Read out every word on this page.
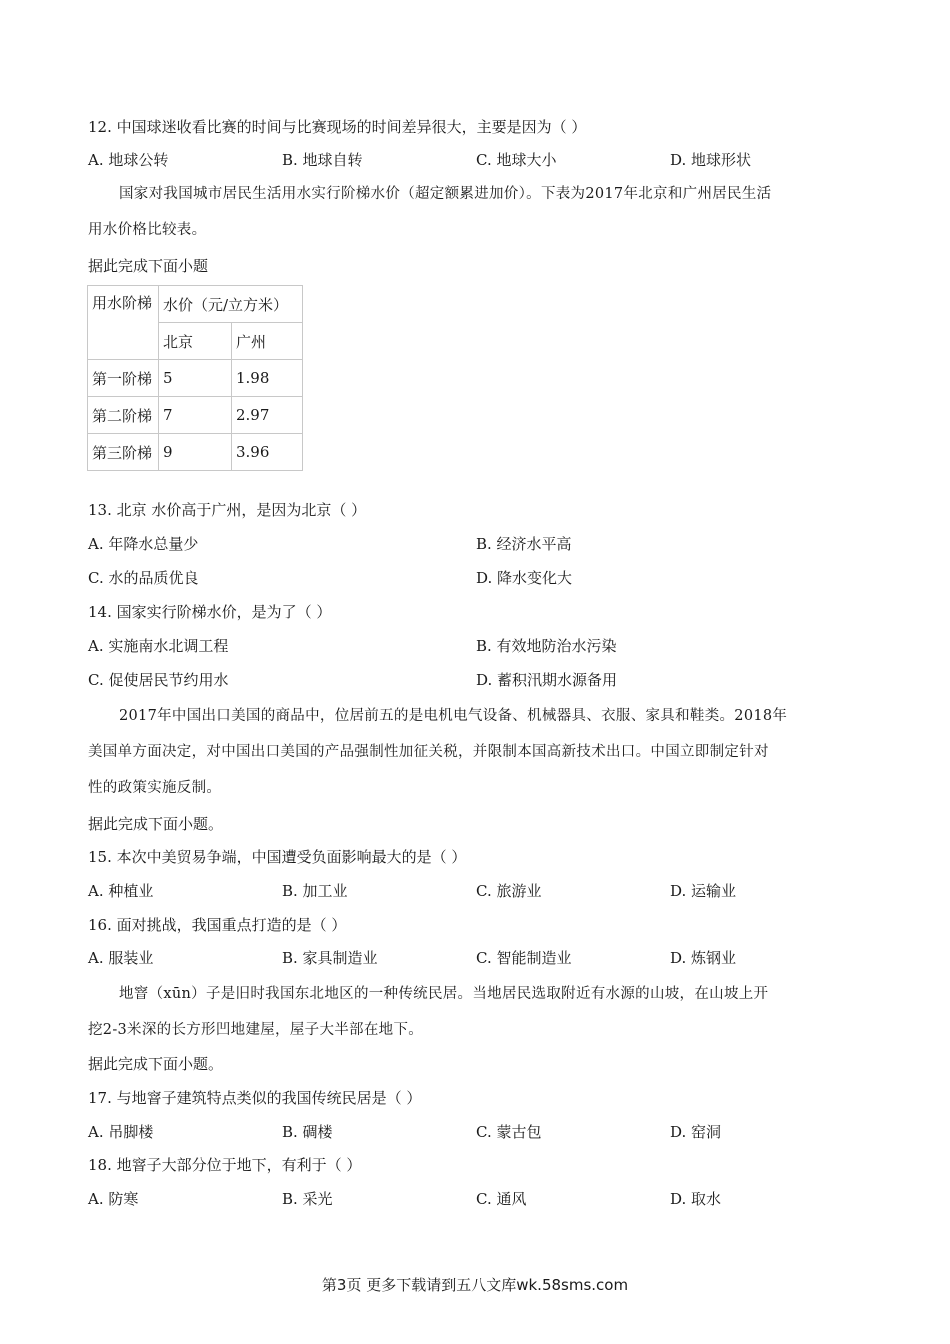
12. 中国球迷收看比赛的时间与比赛现场的时间差异很大，主要是因为（ ）
A. 地球公转	B. 地球自转	C. 地球大小	D. 地球形状
国家对我国城市居民生活用水实行阶梯水价（超定额累进加价）。下表为2017年北京和广州居民生活
用水价格比较表。
据此完成下面小题
用水阶梯	水价（元/立方米）	
	北京	广州
第一阶梯	5	1.98
第二阶梯	7	2.97
第三阶梯	9	3.96
13. 北京 水价高于广州，是因为北京（ ）
A. 年降水总量少	B. 经济水平高
C. 水的品质优良	D. 降水变化大
14. 国家实行阶梯水价，是为了（ ）
A. 实施南水北调工程	B. 有效地防治水污染
C. 促使居民节约用水	D. 蓄积汛期水源备用
2017年中国出口美国的商品中，位居前五的是电机电气设备、机械器具、衣服、家具和鞋类。2018年
美国单方面决定，对中国出口美国的产品强制性加征关税，并限制本国高新技术出口。中国立即制定针对
性的政策实施反制。
据此完成下面小题。
15. 本次中美贸易争端，中国遭受负面影响最大的是（ ）
A. 种植业	B. 加工业	C. 旅游业	D. 运输业
16. 面对挑战，我国重点打造的是（ ）
A. 服装业	B. 家具制造业	C. 智能制造业	D. 炼钢业
地窨（xūn）子是旧时我国东北地区的一种传统民居。当地居民选取附近有水源的山坡，在山坡上开
挖2-3米深的长方形凹地建屋，屋子大半部在地下。
据此完成下面小题。
17. 与地窨子建筑特点类似的我国传统民居是（ ）
A. 吊脚楼	B. 碉楼	C. 蒙古包	D. 窑洞
18. 地窨子大部分位于地下，有利于（ ）
A. 防寒	B. 采光	C. 通风	D. 取水
第3页 更多下载请到五八文库wk.58sms.com
